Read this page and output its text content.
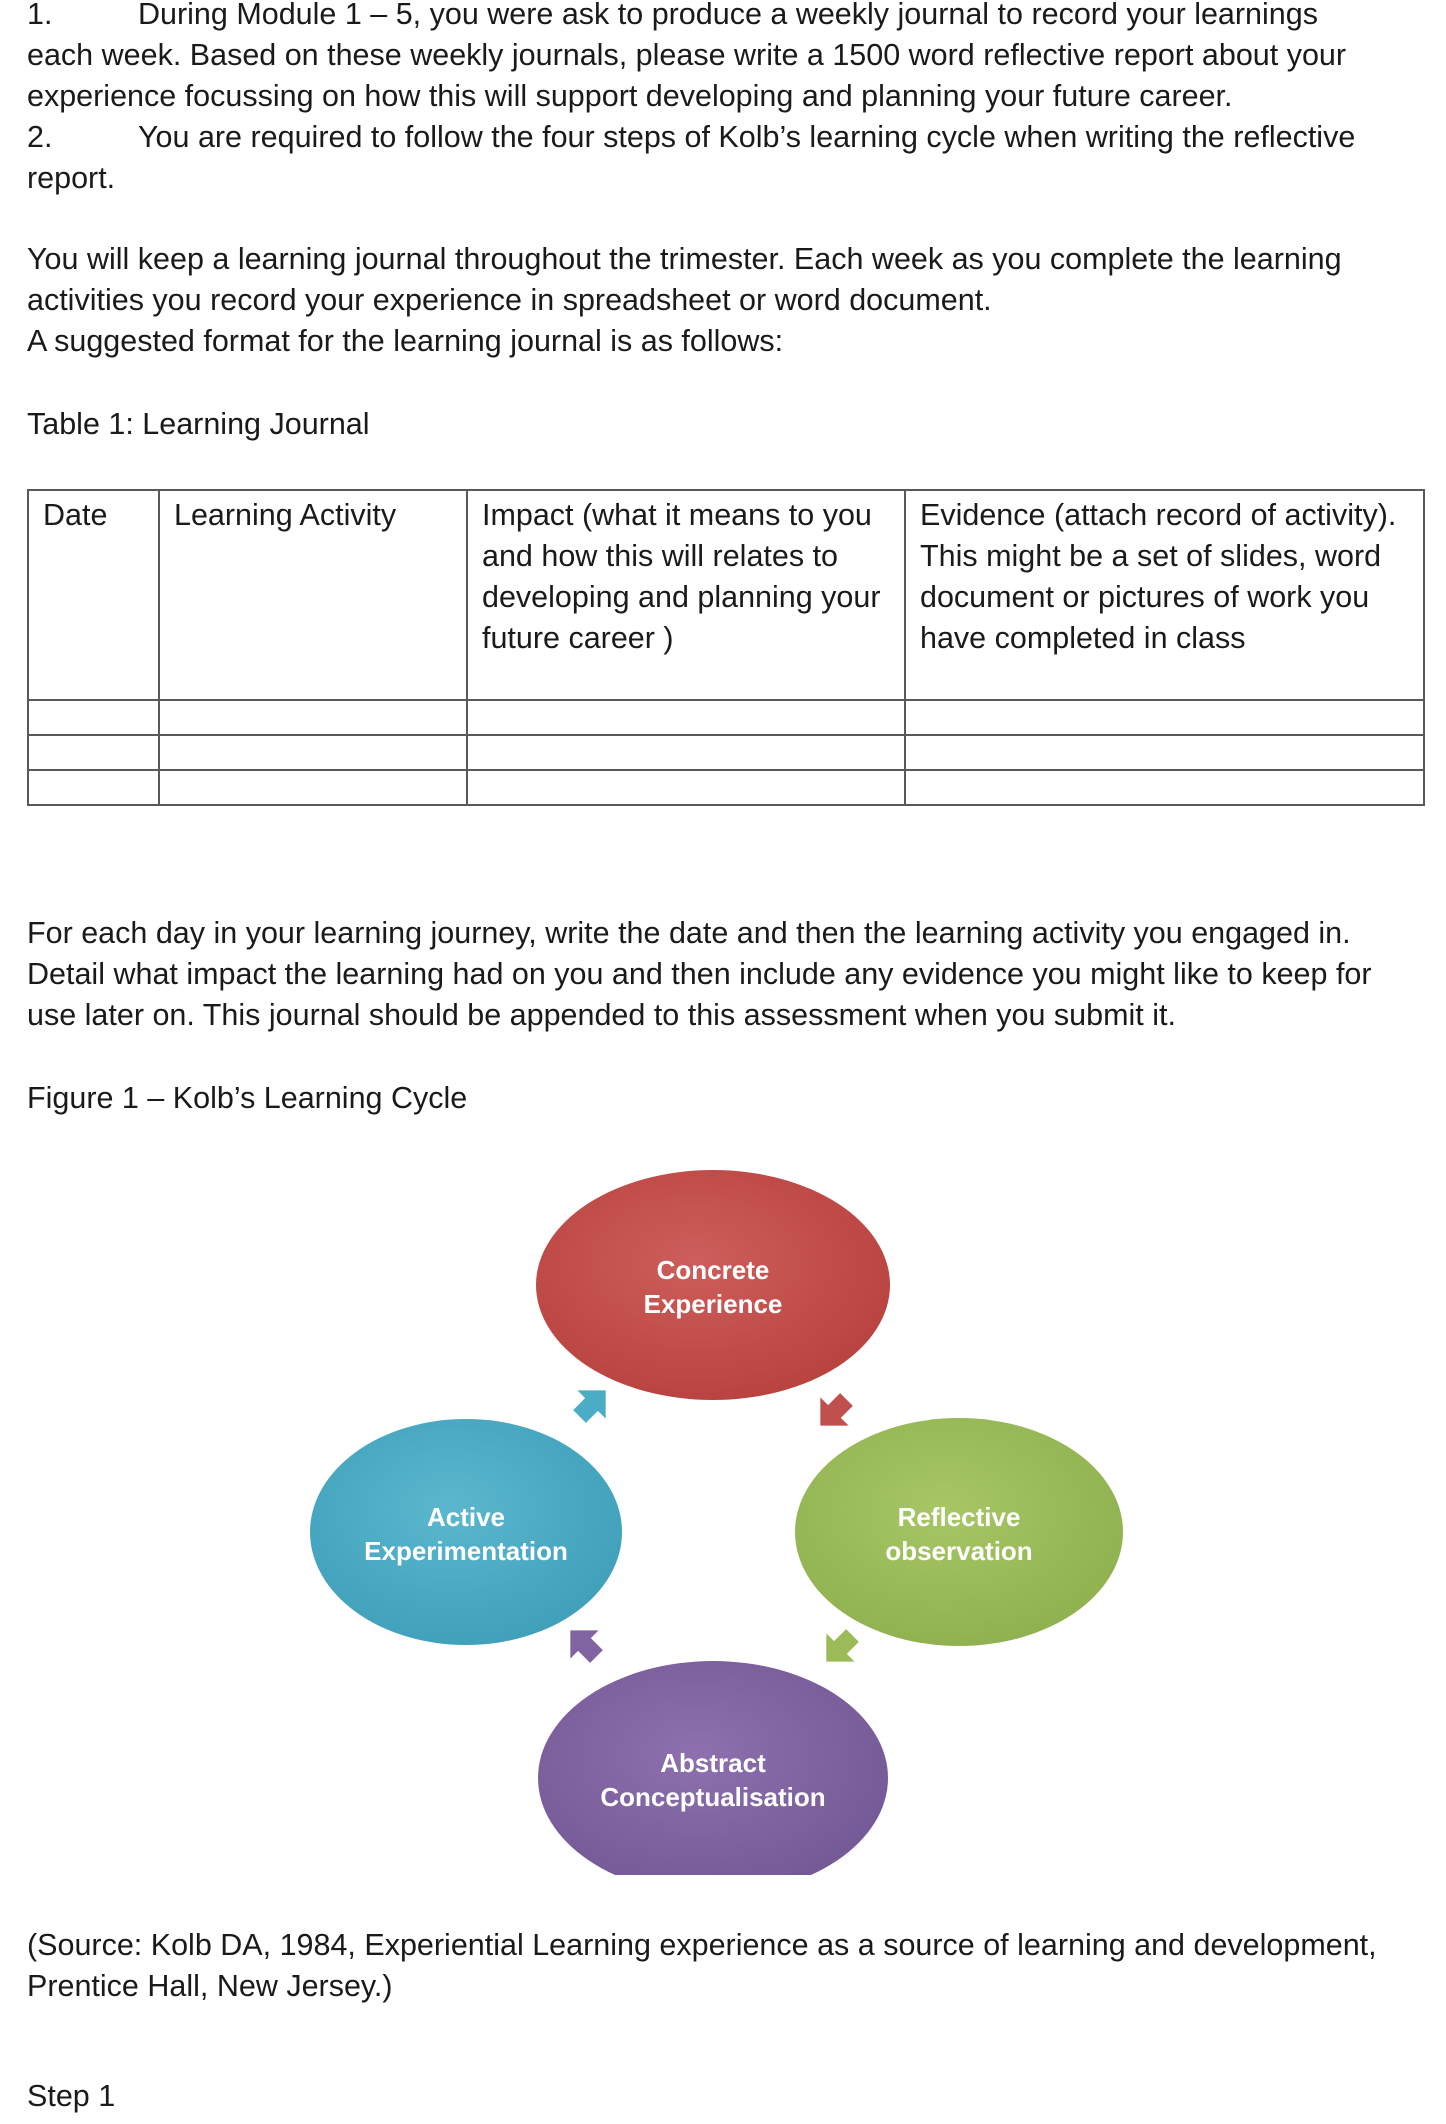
1.	During Module 1 – 5, you were ask to produce a weekly journal to record your learnings
each week. Based on these weekly journals, please write a 1500 word reflective report about your
experience focussing on how this will support developing and planning your future career.
2.	You are required to follow the four steps of Kolb’s learning cycle when writing the reflective
report.
You will keep a learning journal throughout the trimester. Each week as you complete the learning
activities you record your experience in spreadsheet or word document.
A suggested format for the learning journal is as follows:
Table 1: Learning Journal
Date	Learning Activity	Impact (what it means to you and how this will relates to developing and planning your future career )	Evidence (attach record of activity). This might be a set of slides, word document or pictures of work you have completed in class

For each day in your learning journey, write the date and then the learning activity you engaged in.
Detail what impact the learning had on you and then include any evidence you might like to keep for
use later on. This journal should be appended to this assessment when you submit it.
Figure 1 – Kolb’s Learning Cycle
Concrete
Experience
Reflective
observation
Abstract
Conceptualisation
Active
Experimentation
(Source: Kolb DA, 1984, Experiential Learning experience as a source of learning and development,
Prentice Hall, New Jersey.)
Step 1
